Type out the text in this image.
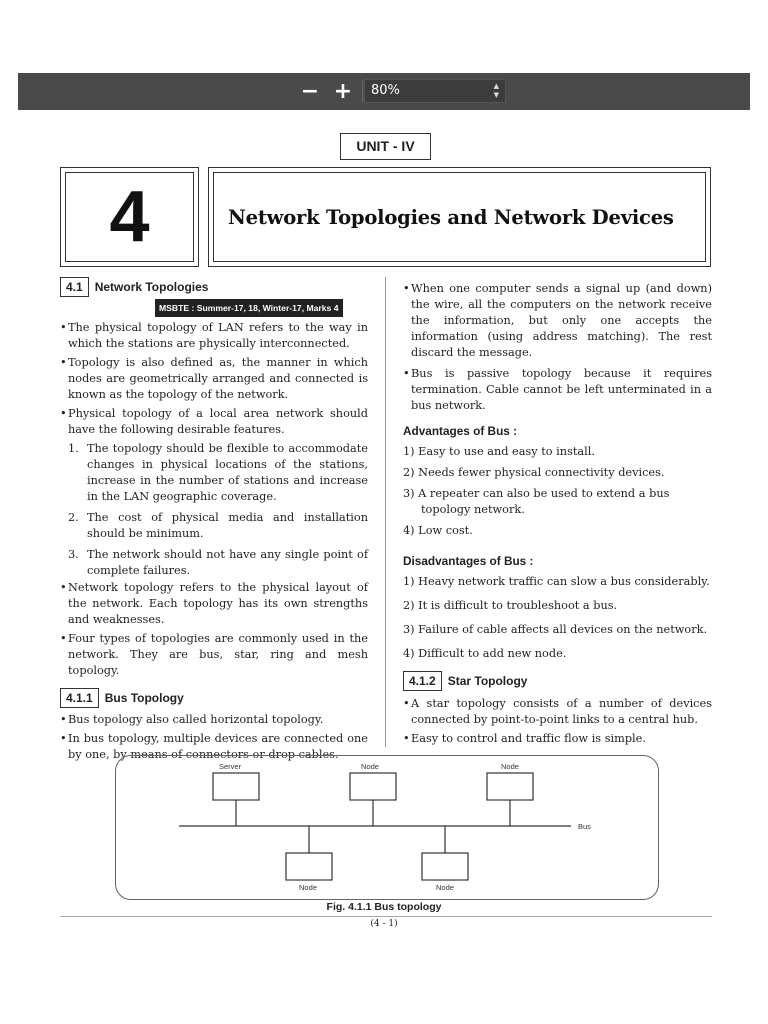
− +	80%	▲
▼
UNIT - IV
4	Network Topologies and Network Devices
4.1	Network Topologies
MSBTE : Summer-17, 18, Winter-17, Marks 4
• The physical topology of LAN refers to the way in which the stations are physically interconnected.
• Topology is also defined as, the manner in which nodes are geometrically arranged and connected is known as the topology of the network.
• Physical topology of a local area network should have the following desirable features.
1. The topology should be flexible to accommodate changes in physical locations of the stations, increase in the number of stations and increase in the LAN geographic coverage.
2. The cost of physical media and installation should be minimum.
3. The network should not have any single point of complete failures.
• Network topology refers to the physical layout of the network. Each topology has its own strengths and weaknesses.
• Four types of topologies are commonly used in the network. They are bus, star, ring and mesh topology.
4.1.1	Bus Topology
• Bus topology also called horizontal topology.
• In bus topology, multiple devices are connected one by one, by means of connectors or drop cables.
• When one computer sends a signal up (and down) the wire, all the computers on the network receive the information, but only one accepts the information (using address matching). The rest discard the message.
• Bus is passive topology because it requires termination. Cable cannot be left unterminated in a bus network.
Advantages of Bus :
1) Easy to use and easy to install.
2) Needs fewer physical connectivity devices.
3) A repeater can also be used to extend a bus topology network.
4) Low cost.
Disadvantages of Bus :
1) Heavy network traffic can slow a bus considerably.
2) It is difficult to troubleshoot a bus.
3) Failure of cable affects all devices on the network.
4) Difficult to add new node.
4.1.2	Star Topology
• A star topology consists of a number of devices connected by point-to-point links to a central hub.
• Easy to control and traffic flow is simple.
Server	Node	Node
Node	Node
Bus
Fig. 4.1.1 Bus topology
(4 - 1)
